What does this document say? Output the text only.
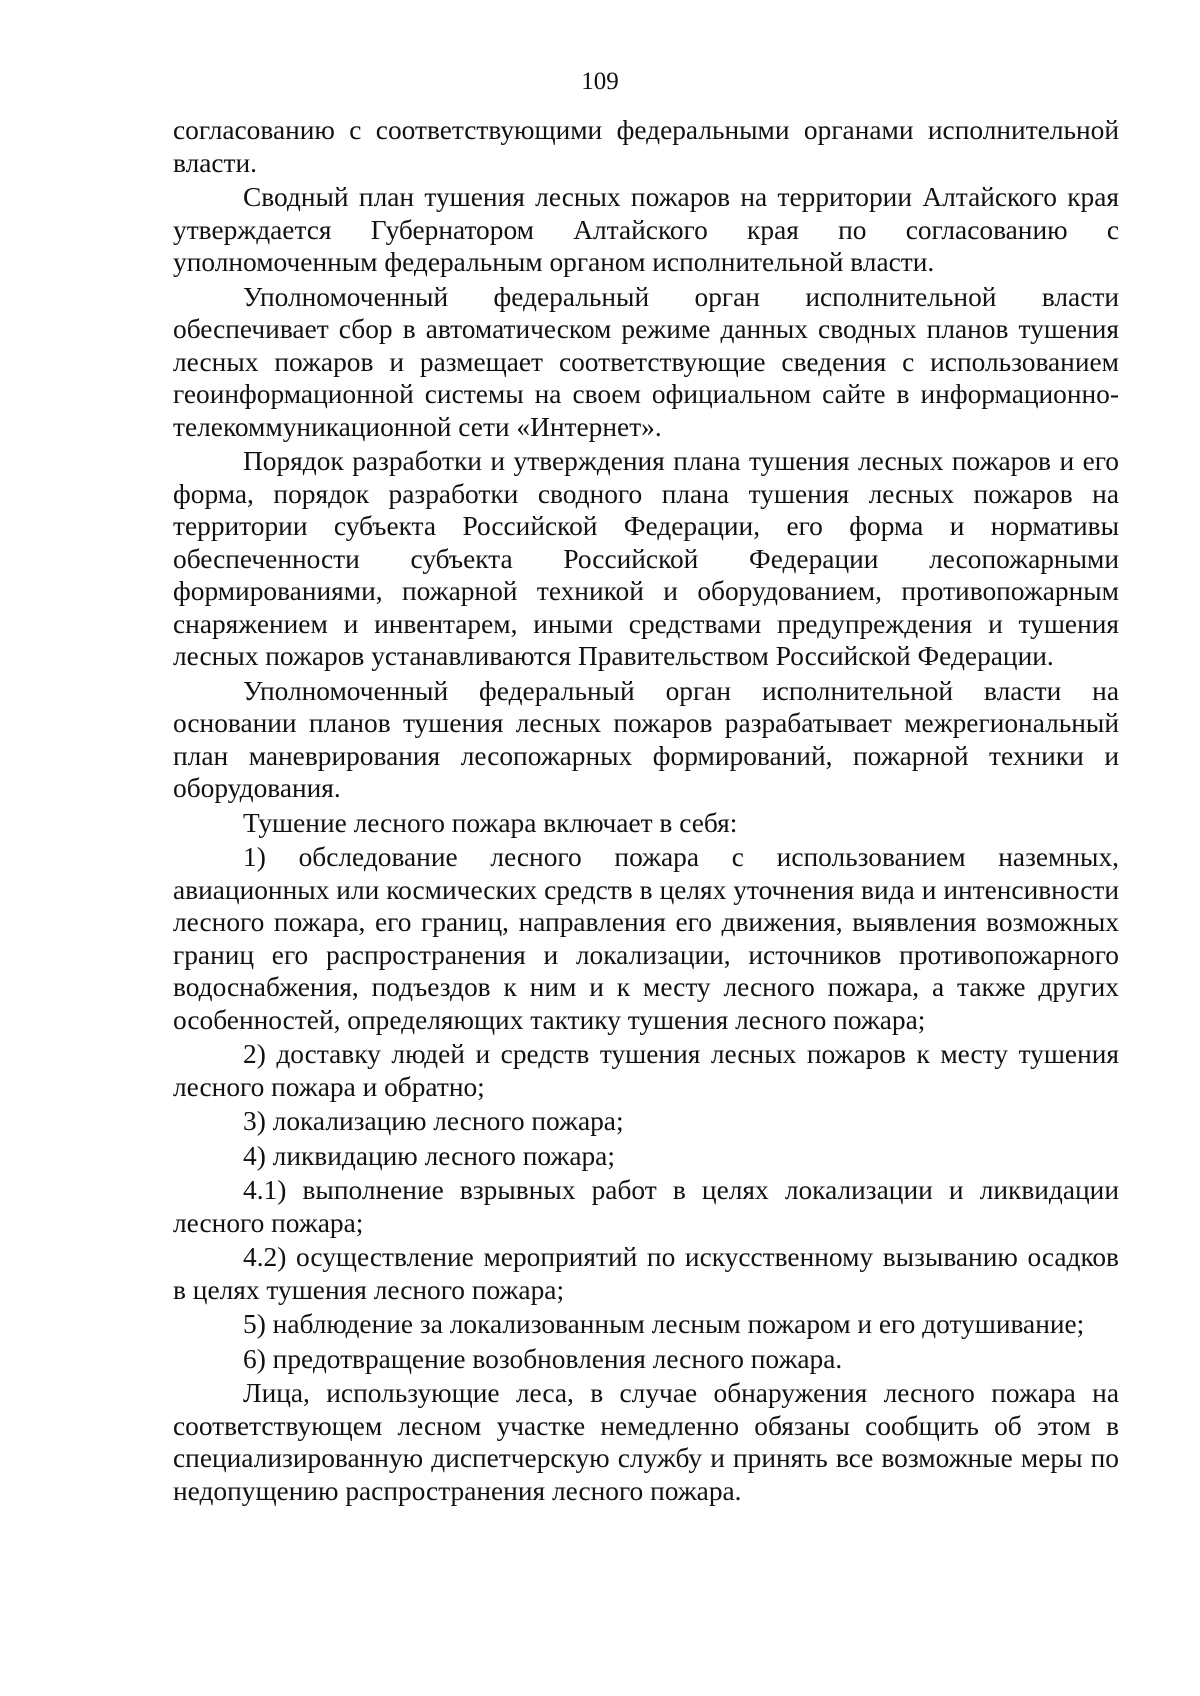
109

согласованию с соответствующими федеральными органами исполнительной власти.

Сводный план тушения лесных пожаров на территории Алтайского края утверждается Губернатором Алтайского края по согласованию с уполномоченным федеральным органом исполнительной власти.

Уполномоченный федеральный орган исполнительной власти обеспечивает сбор в автоматическом режиме данных сводных планов тушения лесных пожаров и размещает соответствующие сведения с использованием геоинформационной системы на своем официальном сайте в информационно-телекоммуникационной сети «Интернет».

Порядок разработки и утверждения плана тушения лесных пожаров и его форма, порядок разработки сводного плана тушения лесных пожаров на территории субъекта Российской Федерации, его форма и нормативы обеспеченности субъекта Российской Федерации лесопожарными формированиями, пожарной техникой и оборудованием, противопожарным снаряжением и инвентарем, иными средствами предупреждения и тушения лесных пожаров устанавливаются Правительством Российской Федерации.

Уполномоченный федеральный орган исполнительной власти на основании планов тушения лесных пожаров разрабатывает межрегиональный план маневрирования лесопожарных формирований, пожарной техники и оборудования.

Тушение лесного пожара включает в себя:

1) обследование лесного пожара с использованием наземных, авиационных или космических средств в целях уточнения вида и интенсивности лесного пожара, его границ, направления его движения, выявления возможных границ его распространения и локализации, источников противопожарного водоснабжения, подъездов к ним и к месту лесного пожара, а также других особенностей, определяющих тактику тушения лесного пожара;

2) доставку людей и средств тушения лесных пожаров к месту тушения лесного пожара и обратно;

3) локализацию лесного пожара;

4) ликвидацию лесного пожара;

4.1) выполнение взрывных работ в целях локализации и ликвидации лесного пожара;

4.2) осуществление мероприятий по искусственному вызыванию осадков в целях тушения лесного пожара;

5) наблюдение за локализованным лесным пожаром и его дотушивание;

6) предотвращение возобновления лесного пожара.

Лица, использующие леса, в случае обнаружения лесного пожара на соответствующем лесном участке немедленно обязаны сообщить об этом в специализированную диспетчерскую службу и принять все возможные меры по недопущению распространения лесного пожара.
